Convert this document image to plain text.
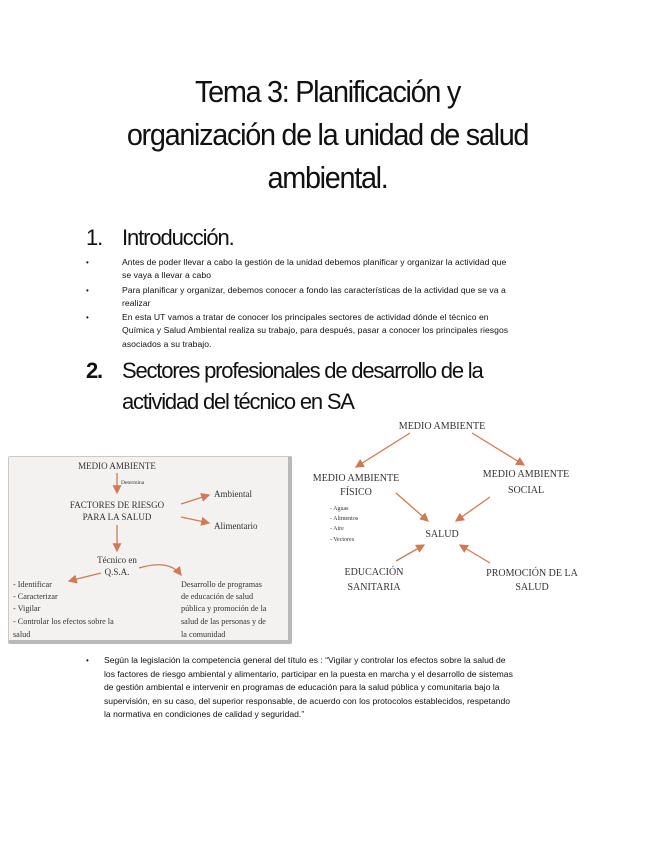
Tema 3: Planificación y
organización de la unidad de salud
ambiental.
1. Introducción.
• Antes de poder llevar a cabo la gestión de la unidad debemos planificar y organizar la actividad que se vaya a llevar a cabo
• Para planificar y organizar, debemos conocer a fondo las características de la actividad que se va a realizar
• En esta UT vamos a tratar de conocer los principales sectores de actividad dónde el técnico en Química y Salud Ambiental realiza su trabajo, para después, pasar a conocer los principales riesgos asociados a su trabajo.
2. Sectores profesionales de desarrollo de la
actividad del técnico en SA
MEDIO AMBIENTE
Determina
FACTORES DE RIESGO
PARA LA SALUD
Ambiental
Alimentario
Técnico en
Q.S.A.
- Identificar
- Caracterizar
- Vigilar
- Controlar los efectos sobre la
salud
Desarrollo de programas
de educación de salud
pública y promoción de la
salud de las personas y de
la comunidad
MEDIO AMBIENTE
MEDIO AMBIENTE
FÍSICO
- Aguas
- Alimentos
- Aire
- Vectores
MEDIO AMBIENTE
SOCIAL
SALUD
EDUCACIÓN
SANITARIA
PROMOCIÓN DE LA
SALUD
• Según la legislación la competencia general del título es : “Vigilar y controlar los efectos sobre la salud de los factores de riesgo ambiental y alimentario, participar en la puesta en marcha y el desarrollo de sistemas de gestión ambiental e intervenir en programas de educación para la salud pública y comunitaria bajo la supervisión, en su caso, del superior responsable, de acuerdo con los protocolos establecidos, respetando la normativa en condiciones de calidad y seguridad.”
